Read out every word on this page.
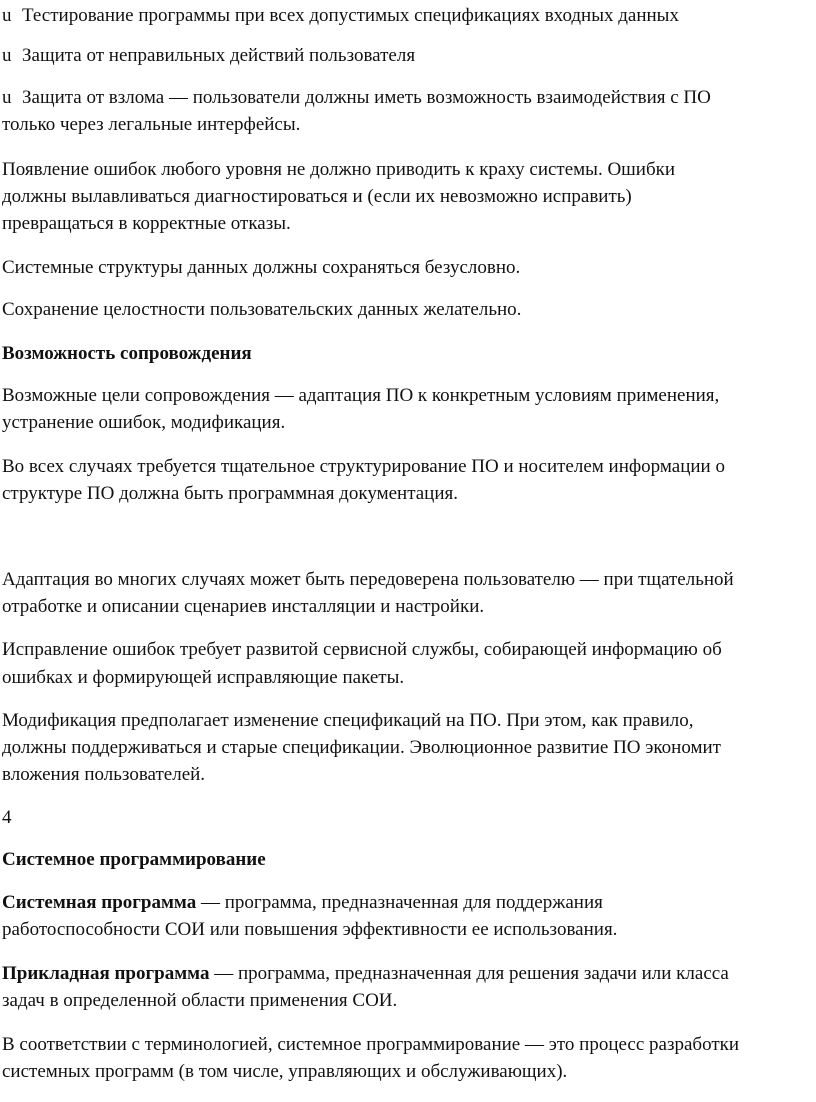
u Тестирование программы при всех допустимых спецификациях входных данных
u Защита от неправильных действий пользователя
u Защита от взлома — пользователи должны иметь возможность взаимодействия с ПО
только через легальные интерфейсы.
Появление ошибок любого уровня не должно приводить к краху системы. Ошибки
должны вылавливаться диагностироваться и (если их невозможно исправить)
превращаться в корректные отказы.
Системные структуры данных должны сохраняться безусловно.
Сохранение целостности пользовательских данных желательно.
Возможность сопровождения
Возможные цели сопровождения — адаптация ПО к конкретным условиям применения,
устранение ошибок, модификация.
Во всех случаях требуется тщательное структурирование ПО и носителем информации о
структуре ПО должна быть программная документация.
Адаптация во многих случаях может быть передоверена пользователю — при тщательной
отработке и описании сценариев инсталляции и настройки.
Исправление ошибок требует развитой сервисной службы, собирающей информацию об
ошибках и формирующей исправляющие пакеты.
Модификация предполагает изменение спецификаций на ПО. При этом, как правило,
должны поддерживаться и старые спецификации. Эволюционное развитие ПО экономит
вложения пользователей.
4
Системное программирование
Системная программа — программа, предназначенная для поддержания
работоспособности СОИ или повышения эффективности ее использования.
Прикладная программа — программа, предназначенная для решения задачи или класса
задач в определенной области применения СОИ.
В соответствии с терминологией, системное программирование — это процесс разработки
системных программ (в том числе, управляющих и обслуживающих).
